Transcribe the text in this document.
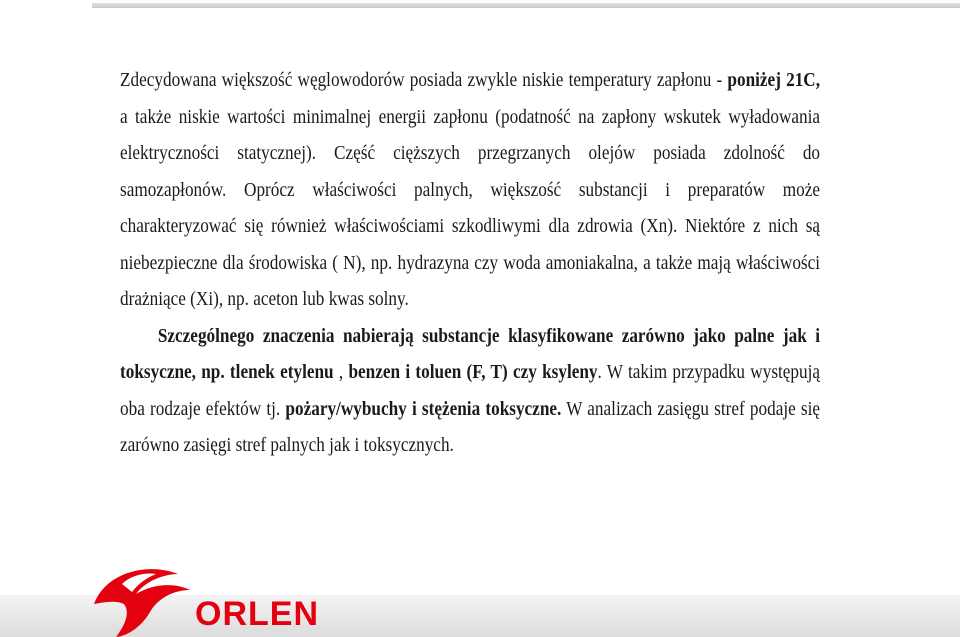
Zdecydowana większość węglowodorów posiada zwykle niskie temperatury zapłonu - poniżej 21C, a także niskie wartości minimalnej energii zapłonu (podatność na zapłony wskutek wyładowania elektryczności statycznej). Część cięższych przegrzanych olejów posiada zdolność do samozapłonów. Oprócz właściwości palnych, większość substancji i preparatów może charakteryzować się również właściwościami szkodliwymi dla zdrowia (Xn). Niektóre z nich są niebezpieczne dla środowiska ( N), np. hydrazyna czy woda amoniakalna, a także mają właściwości drażniące (Xi), np. aceton lub kwas solny.

Szczególnego znaczenia nabierają substancje klasyfikowane zarówno jako palne jak i toksyczne, np. tlenek etylenu , benzen i toluen (F, T) czy ksyleny. W takim przypadku występują oba rodzaje efektów tj. pożary/wybuchy i stężenia toksyczne. W analizach zasięgu stref podaje się zarówno zasięgi stref palnych jak i toksycznych.

ORLEN
